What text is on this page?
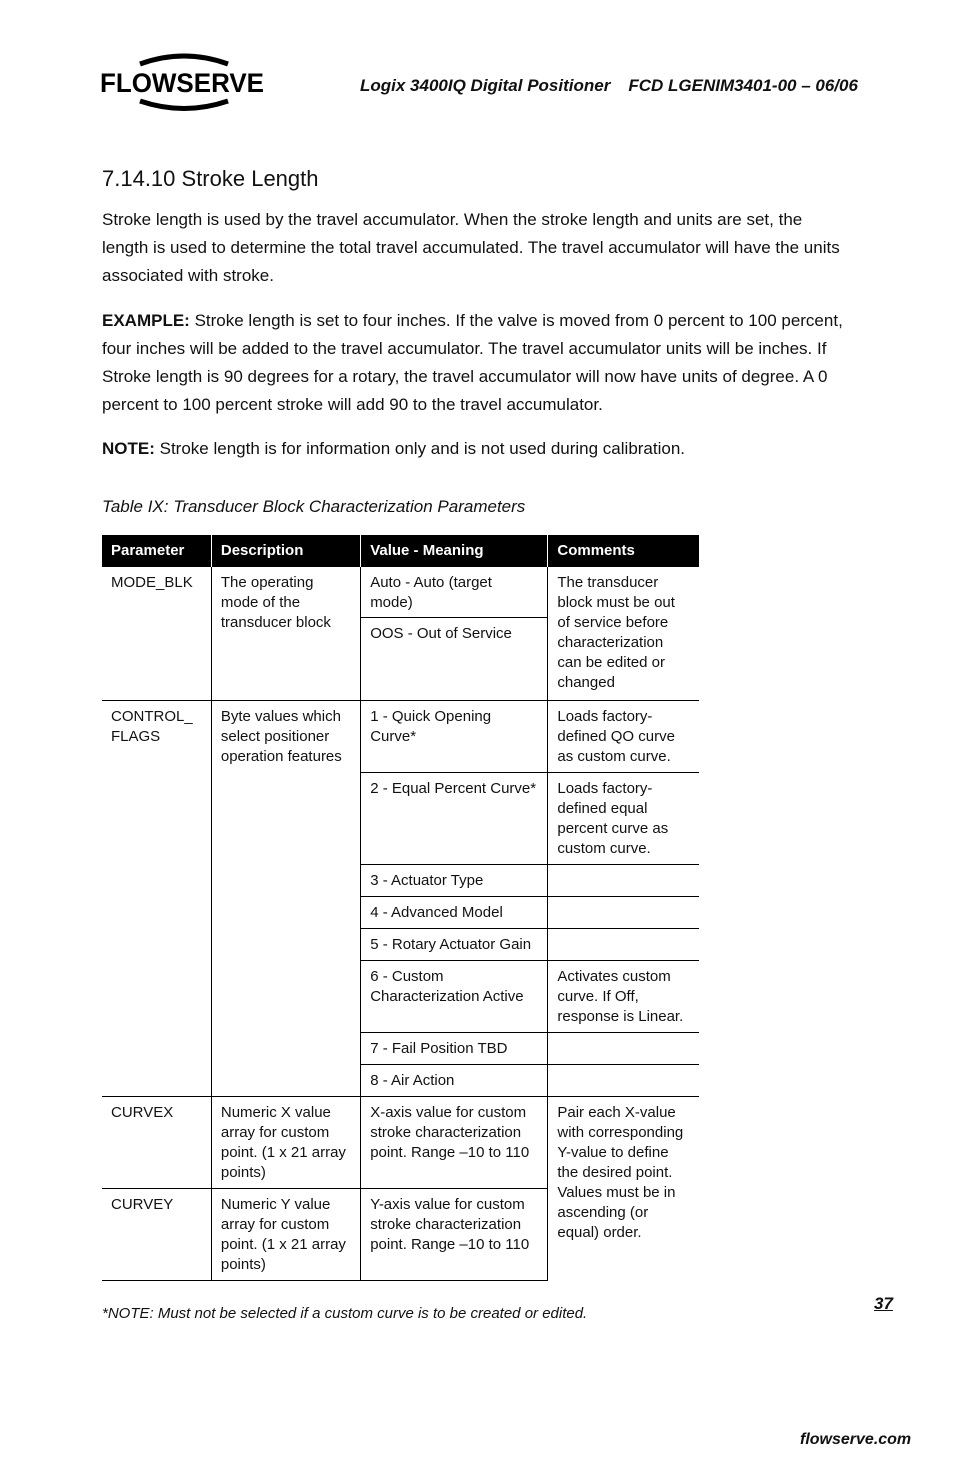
FLOWSERVE	Logix 3400IQ Digital Positioner FCD LGENIM3401-00 – 06/06
7.14.10 Stroke Length

Stroke length is used by the travel accumulator. When the stroke length and units are set, the length is used to determine the total travel accumulated. The travel accumulator will have the units associated with stroke.

EXAMPLE: Stroke length is set to four inches. If the valve is moved from 0 percent to 100 percent, four inches will be added to the travel accumulator. The travel accumulator units will be inches. If Stroke length is 90 degrees for a rotary, the travel accumulator will now have units of degree. A 0 percent to 100 percent stroke will add 90 to the travel accumulator.

NOTE: Stroke length is for information only and is not used during calibration.

Table IX: Transducer Block Characterization Parameters
Parameter	Description	Value - Meaning	Comments
MODE_BLK	The operating mode of the transducer block	Auto - Auto (target mode)	The transducer block must be out of service before characterization can be edited or changed
		OOS - Out of Service	
CONTROL_ FLAGS	Byte values which select positioner operation features	1 - Quick Opening Curve*	Loads factory-defined QO curve as custom curve.
		2 - Equal Percent Curve*	Loads factory-defined equal percent curve as custom curve.
		3 - Actuator Type	
		4 - Advanced Model	
		5 - Rotary Actuator Gain	
		6 - Custom Characterization Active	Activates custom curve. If Off, response is Linear.
		7 - Fail Position TBD	
		8 - Air Action	
CURVEX	Numeric X value array for custom point. (1 x 21 array points)	X-axis value for custom stroke characterization point. Range –10 to 110	Pair each X-value with corresponding Y-value to define the desired point. Values must be in ascending (or equal) order.
CURVEY	Numeric Y value array for custom point. (1 x 21 array points)	Y-axis value for custom stroke characterization point. Range –10 to 110	
*NOTE: Must not be selected if a custom curve is to be created or edited.
37
flowserve.com
